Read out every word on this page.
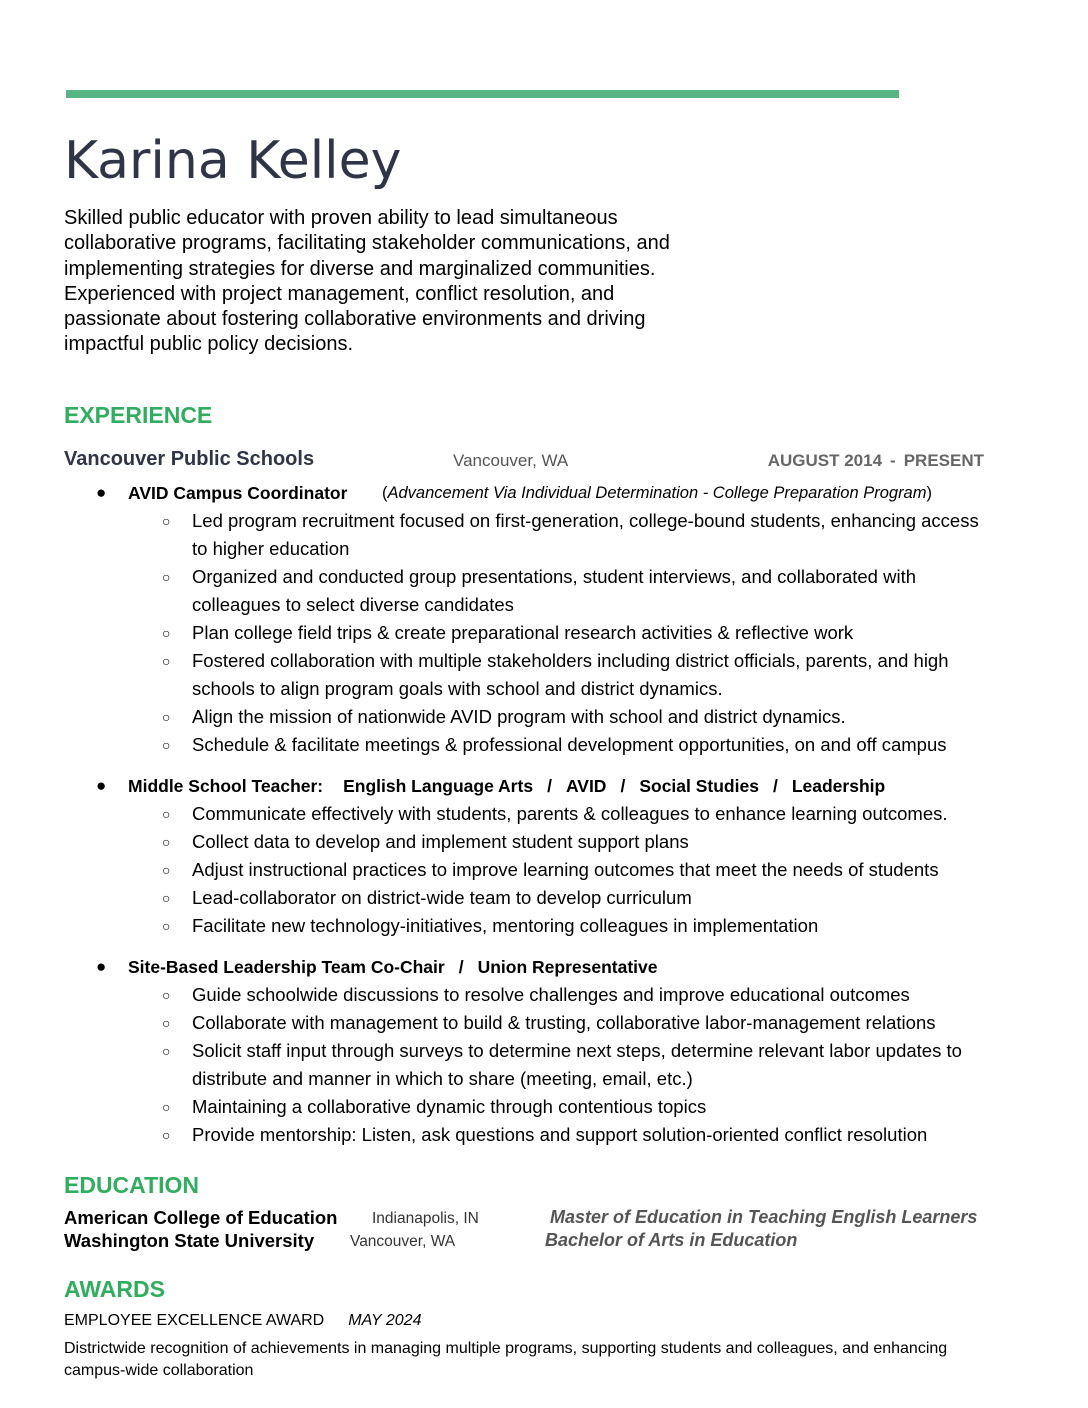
Karina Kelley

Skilled public educator with proven ability to lead simultaneous collaborative programs, facilitating stakeholder communications, and implementing strategies for diverse and marginalized communities. Experienced with project management, conflict resolution, and passionate about fostering collaborative environments and driving impactful public policy decisions.

EXPERIENCE
Vancouver Public Schools	Vancouver, WA	AUGUST 2014 - PRESENT
● AVID Campus Coordinator (Advancement Via Individual Determination - College Preparation Program)
○ Led program recruitment focused on first-generation, college-bound students, enhancing access to higher education
○ Organized and conducted group presentations, student interviews, and collaborated with colleagues to select diverse candidates
○ Plan college field trips & create preparational research activities & reflective work
○ Fostered collaboration with multiple stakeholders including district officials, parents, and high schools to align program goals with school and district dynamics.
○ Align the mission of nationwide AVID program with school and district dynamics.
○ Schedule & facilitate meetings & professional development opportunities, on and off campus
● Middle School Teacher: English Language Arts / AVID / Social Studies / Leadership
○ Communicate effectively with students, parents & colleagues to enhance learning outcomes.
○ Collect data to develop and implement student support plans
○ Adjust instructional practices to improve learning outcomes that meet the needs of students
○ Lead-collaborator on district-wide team to develop curriculum
○ Facilitate new technology-initiatives, mentoring colleagues in implementation
● Site-Based Leadership Team Co-Chair / Union Representative
○ Guide schoolwide discussions to resolve challenges and improve educational outcomes
○ Collaborate with management to build & trusting, collaborative labor-management relations
○ Solicit staff input through surveys to determine next steps, determine relevant labor updates to distribute and manner in which to share (meeting, email, etc.)
○ Maintaining a collaborative dynamic through contentious topics
○ Provide mentorship: Listen, ask questions and support solution-oriented conflict resolution
EDUCATION
American College of Education Indianapolis, IN	Master of Education in Teaching English Learners
Washington State University Vancouver, WA	Bachelor of Arts in Education
AWARDS
EMPLOYEE EXCELLENCE AWARD MAY 2024

Districtwide recognition of achievements in managing multiple programs, supporting students and colleagues, and enhancing campus-wide collaboration
